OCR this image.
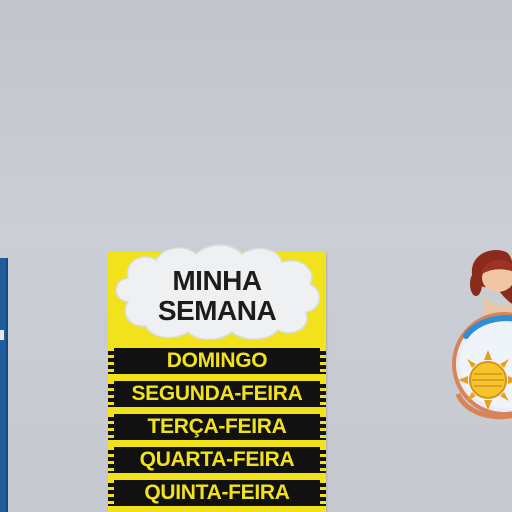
MINHA
SEMANA
DOMINGO
SEGUNDA-FEIRA
TERÇA-FEIRA
QUARTA-FEIRA
QUINTA-FEIRA
